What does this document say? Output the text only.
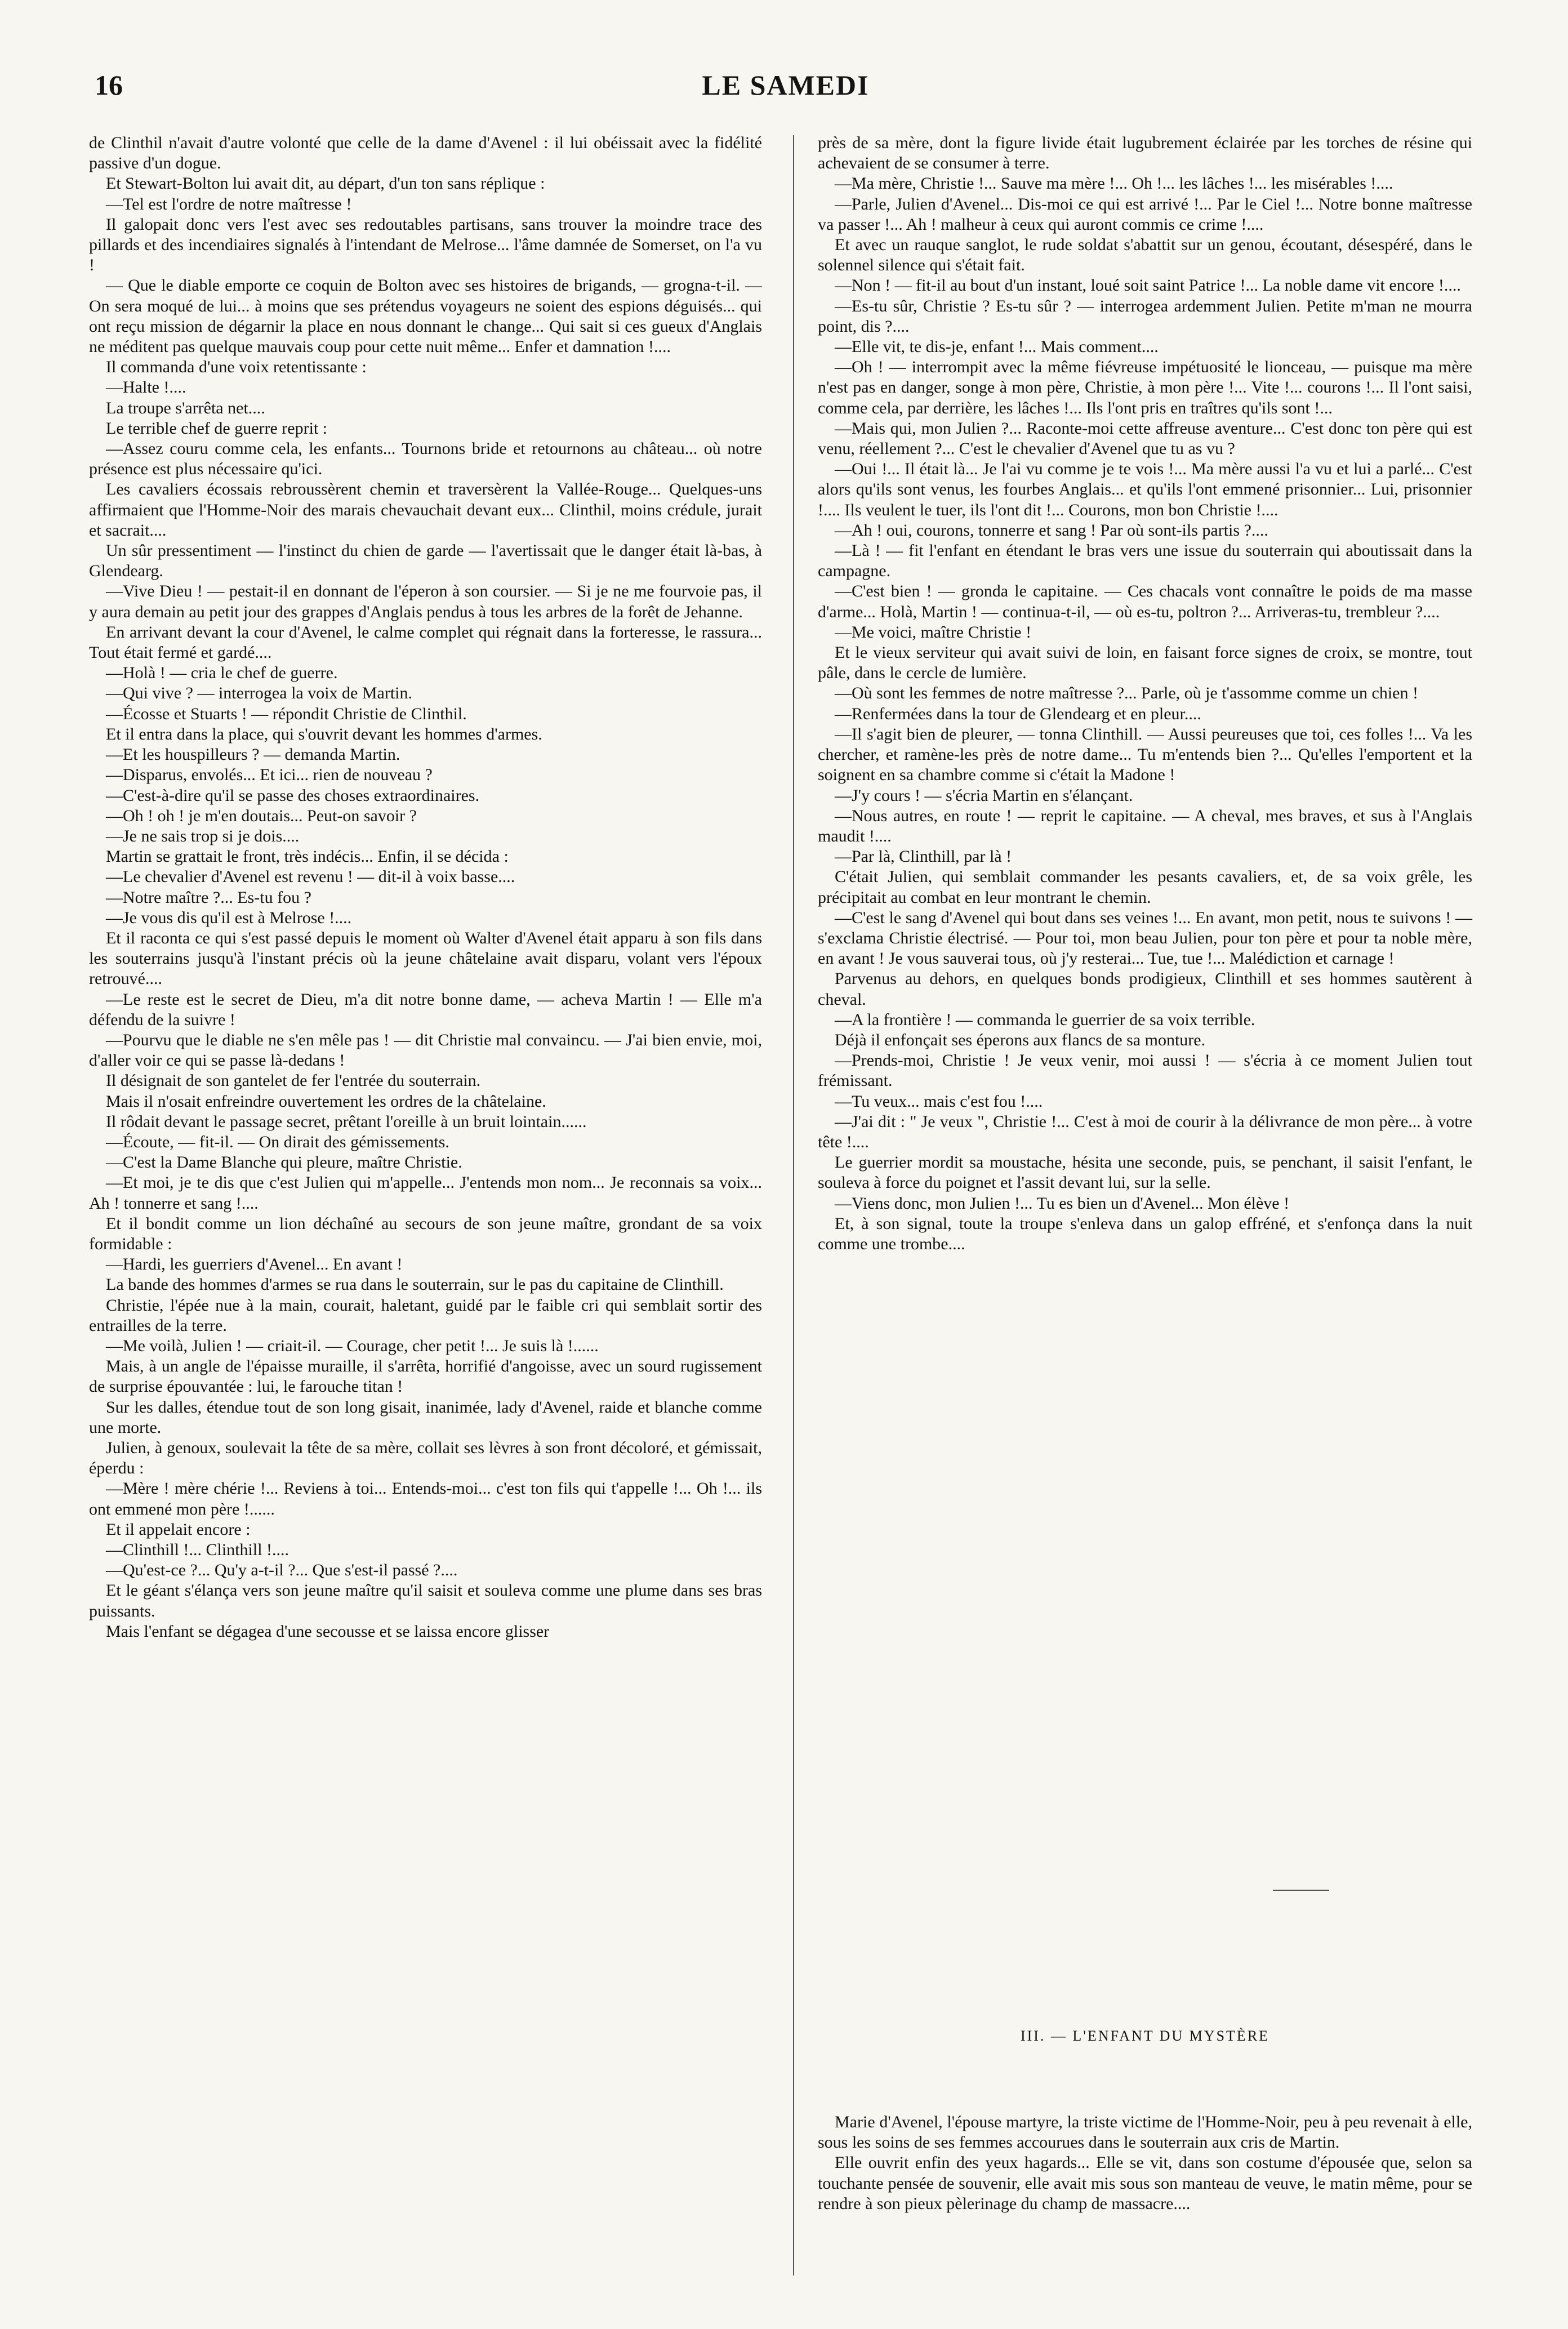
16	LE SAMEDI

de Clinthil n'avait d'autre volonté que celle de la dame d'Avenel : il lui obéissait avec la fidélité passive d'un dogue.

Et Stewart-Bolton lui avait dit, au départ, d'un ton sans réplique :

—Tel est l'ordre de notre maîtresse !

Il galopait donc vers l'est avec ses redoutables partisans, sans trouver la moindre trace des pillards et des incendiaires signalés à l'intendant de Melrose... l'âme damnée de Somerset, on l'a vu !

— Que le diable emporte ce coquin de Bolton avec ses histoires de brigands, — grogna-t-il. — On sera moqué de lui... à moins que ses prétendus voyageurs ne soient des espions déguisés... qui ont reçu mission de dégarnir la place en nous donnant le change... Qui sait si ces gueux d'Anglais ne méditent pas quelque mauvais coup pour cette nuit même... Enfer et damnation !....

Il commanda d'une voix retentissante :

—Halte !....

La troupe s'arrêta net....

Le terrible chef de guerre reprit :

—Assez couru comme cela, les enfants... Tournons bride et retournons au château... où notre présence est plus nécessaire qu'ici.

Les cavaliers écossais rebroussèrent chemin et traversèrent la Vallée-Rouge... Quelques-uns affirmaient que l'Homme-Noir des marais chevauchait devant eux... Clinthil, moins crédule, jurait et sacrait....

Un sûr pressentiment — l'instinct du chien de garde — l'avertissait que le danger était là-bas, à Glendearg.

—Vive Dieu ! — pestait-il en donnant de l'éperon à son coursier. — Si je ne me fourvoie pas, il y aura demain au petit jour des grappes d'Anglais pendus à tous les arbres de la forêt de Jehanne.

En arrivant devant la cour d'Avenel, le calme complet qui régnait dans la forteresse, le rassura... Tout était fermé et gardé....

—Holà ! — cria le chef de guerre.

—Qui vive ? — interrogea la voix de Martin.

—Écosse et Stuarts ! — répondit Christie de Clinthil.

Et il entra dans la place, qui s'ouvrit devant les hommes d'armes.

—Et les houspilleurs ? — demanda Martin.

—Disparus, envolés... Et ici... rien de nouveau ?

—C'est-à-dire qu'il se passe des choses extraordinaires.

—Oh ! oh ! je m'en doutais... Peut-on savoir ?

—Je ne sais trop si je dois....

Martin se grattait le front, très indécis... Enfin, il se décida :

—Le chevalier d'Avenel est revenu ! — dit-il à voix basse....

—Notre maître ?... Es-tu fou ?

—Je vous dis qu'il est à Melrose !....

Et il raconta ce qui s'est passé depuis le moment où Walter d'Avenel était apparu à son fils dans les souterrains jusqu'à l'instant précis où la jeune châtelaine avait disparu, volant vers l'époux retrouvé....

—Le reste est le secret de Dieu, m'a dit notre bonne dame, — acheva Martin ! — Elle m'a défendu de la suivre !

—Pourvu que le diable ne s'en mêle pas ! — dit Christie mal convaincu. — J'ai bien envie, moi, d'aller voir ce qui se passe là-dedans !

Il désignait de son gantelet de fer l'entrée du souterrain.

Mais il n'osait enfreindre ouvertement les ordres de la châtelaine.

Il rôdait devant le passage secret, prêtant l'oreille à un bruit lointain......

—Écoute, — fit-il. — On dirait des gémissements.

—C'est la Dame Blanche qui pleure, maître Christie.

—Et moi, je te dis que c'est Julien qui m'appelle... J'entends mon nom... Je reconnais sa voix... Ah ! tonnerre et sang !....

Et il bondit comme un lion déchaîné au secours de son jeune maître, grondant de sa voix formidable :

—Hardi, les guerriers d'Avenel... En avant !

La bande des hommes d'armes se rua dans le souterrain, sur le pas du capitaine de Clinthill.

Christie, l'épée nue à la main, courait, haletant, guidé par le faible cri qui semblait sortir des entrailles de la terre.

—Me voilà, Julien ! — criait-il. — Courage, cher petit !... Je suis là !......

Mais, à un angle de l'épaisse muraille, il s'arrêta, horrifié d'angoisse, avec un sourd rugissement de surprise épouvantée : lui, le farouche titan !

Sur les dalles, étendue tout de son long gisait, inanimée, lady d'Avenel, raide et blanche comme une morte.

Julien, à genoux, soulevait la tête de sa mère, collait ses lèvres à son front décoloré, et gémissait, éperdu :

—Mère ! mère chérie !... Reviens à toi... Entends-moi... c'est ton fils qui t'appelle !... Oh !... ils ont emmené mon père !......

Et il appelait encore :

—Clinthill !... Clinthill !....

—Qu'est-ce ?... Qu'y a-t-il ?... Que s'est-il passé ?....

Et le géant s'élança vers son jeune maître qu'il saisit et souleva comme une plume dans ses bras puissants.

Mais l'enfant se dégagea d'une secousse et se laissa encore glisser

près de sa mère, dont la figure livide était lugubrement éclairée par les torches de résine qui achevaient de se consumer à terre.

—Ma mère, Christie !... Sauve ma mère !... Oh !... les lâches !... les misérables !....

—Parle, Julien d'Avenel... Dis-moi ce qui est arrivé !... Par le Ciel !... Notre bonne maîtresse va passer !... Ah ! malheur à ceux qui auront commis ce crime !....

Et avec un rauque sanglot, le rude soldat s'abattit sur un genou, écoutant, désespéré, dans le solennel silence qui s'était fait.

—Non ! — fit-il au bout d'un instant, loué soit saint Patrice !... La noble dame vit encore !....

—Es-tu sûr, Christie ? Es-tu sûr ? — interrogea ardemment Julien. Petite m'man ne mourra point, dis ?....

—Elle vit, te dis-je, enfant !... Mais comment....

—Oh ! — interrompit avec la même fiévreuse impétuosité le lionceau, — puisque ma mère n'est pas en danger, songe à mon père, Christie, à mon père !... Vite !... courons !... Il l'ont saisi, comme cela, par derrière, les lâches !... Ils l'ont pris en traîtres qu'ils sont !...

—Mais qui, mon Julien ?... Raconte-moi cette affreuse aventure... C'est donc ton père qui est venu, réellement ?... C'est le chevalier d'Avenel que tu as vu ?

—Oui !... Il était là... Je l'ai vu comme je te vois !... Ma mère aussi l'a vu et lui a parlé... C'est alors qu'ils sont venus, les fourbes Anglais... et qu'ils l'ont emmené prisonnier... Lui, prisonnier !.... Ils veulent le tuer, ils l'ont dit !... Courons, mon bon Christie !....

—Ah ! oui, courons, tonnerre et sang ! Par où sont-ils partis ?....

—Là ! — fit l'enfant en étendant le bras vers une issue du souterrain qui aboutissait dans la campagne.

—C'est bien ! — gronda le capitaine. — Ces chacals vont connaître le poids de ma masse d'arme... Holà, Martin ! — continua-t-il, — où es-tu, poltron ?... Arriveras-tu, trembleur ?....

—Me voici, maître Christie !

Et le vieux serviteur qui avait suivi de loin, en faisant force signes de croix, se montre, tout pâle, dans le cercle de lumière.

—Où sont les femmes de notre maîtresse ?... Parle, où je t'assomme comme un chien !

—Renfermées dans la tour de Glendearg et en pleur....

—Il s'agit bien de pleurer, — tonna Clinthill. — Aussi peureuses que toi, ces folles !... Va les chercher, et ramène-les près de notre dame... Tu m'entends bien ?... Qu'elles l'emportent et la soignent en sa chambre comme si c'était la Madone !

—J'y cours ! — s'écria Martin en s'élançant.

—Nous autres, en route ! — reprit le capitaine. — A cheval, mes braves, et sus à l'Anglais maudit !....

—Par là, Clinthill, par là !

C'était Julien, qui semblait commander les pesants cavaliers, et, de sa voix grêle, les précipitait au combat en leur montrant le chemin.

—C'est le sang d'Avenel qui bout dans ses veines !... En avant, mon petit, nous te suivons ! — s'exclama Christie électrisé. — Pour toi, mon beau Julien, pour ton père et pour ta noble mère, en avant ! Je vous sauverai tous, où j'y resterai... Tue, tue !... Malédiction et carnage !

Parvenus au dehors, en quelques bonds prodigieux, Clinthill et ses hommes sautèrent à cheval.

—A la frontière ! — commanda le guerrier de sa voix terrible.

Déjà il enfonçait ses éperons aux flancs de sa monture.

—Prends-moi, Christie ! Je veux venir, moi aussi ! — s'écria à ce moment Julien tout frémissant.

—Tu veux... mais c'est fou !....

—J'ai dit : " Je veux ", Christie !... C'est à moi de courir à la délivrance de mon père... à votre tête !....

Le guerrier mordit sa moustache, hésita une seconde, puis, se penchant, il saisit l'enfant, le souleva à force du poignet et l'assit devant lui, sur la selle.

—Viens donc, mon Julien !... Tu es bien un d'Avenel... Mon élève !

Et, à son signal, toute la troupe s'enleva dans un galop effréné, et s'enfonça dans la nuit comme une trombe....

III. — L'ENFANT DU MYSTÈRE

Marie d'Avenel, l'épouse martyre, la triste victime de l'Homme-Noir, peu à peu revenait à elle, sous les soins de ses femmes accourues dans le souterrain aux cris de Martin.

Elle ouvrit enfin des yeux hagards... Elle se vit, dans son costume d'épousée que, selon sa touchante pensée de souvenir, elle avait mis sous son manteau de veuve, le matin même, pour se rendre à son pieux pèlerinage du champ de massacre....
